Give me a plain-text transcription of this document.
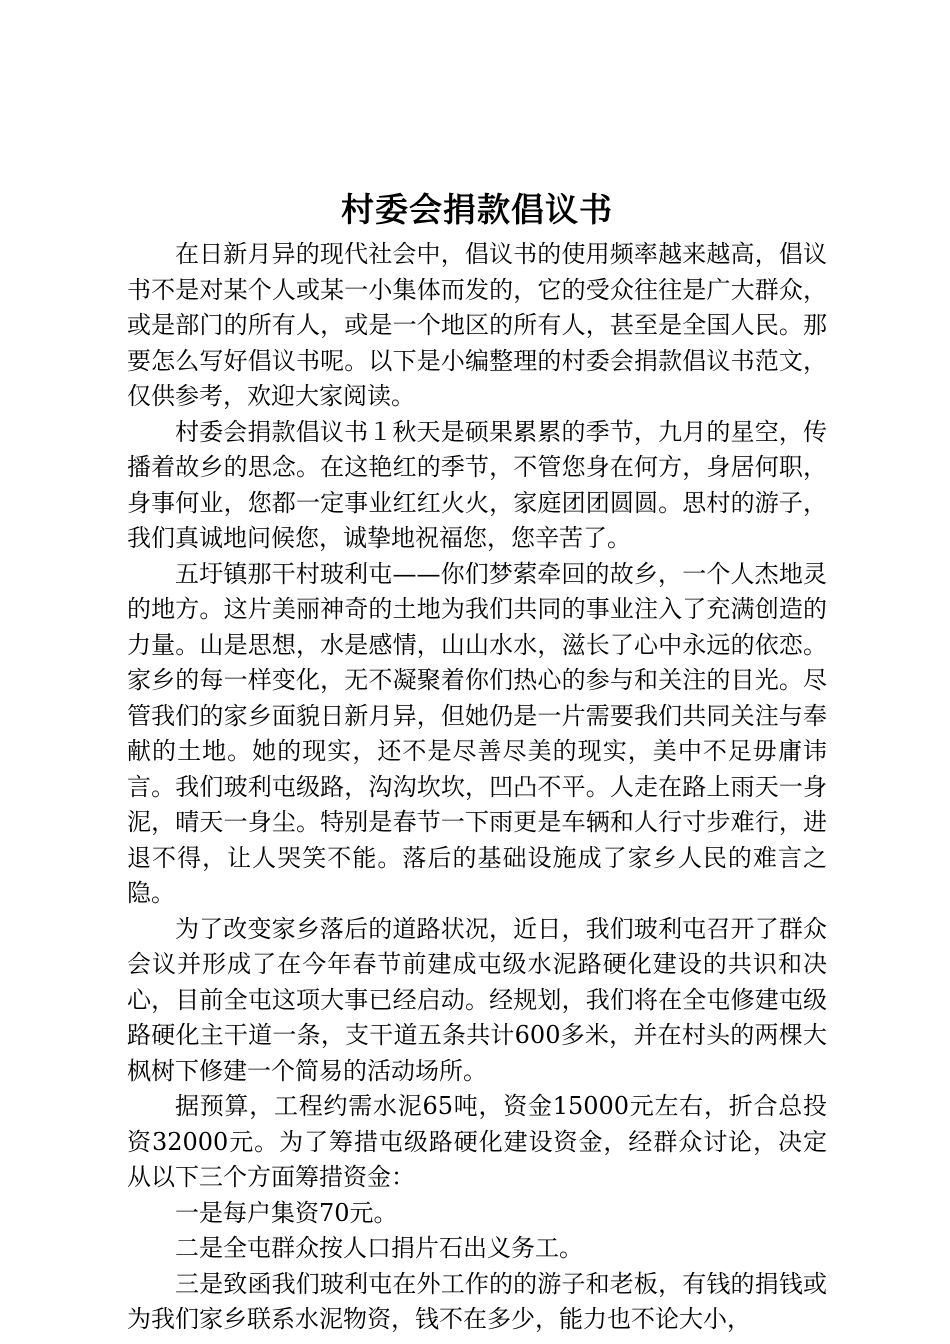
村委会捐款倡议书

在日新月异的现代社会中，倡议书的使用频率越来越高，倡议书不是对某个人或某一小集体而发的，它的受众往往是广大群众，或是部门的所有人，或是一个地区的所有人，甚至是全国人民。那要怎么写好倡议书呢。以下是小编整理的村委会捐款倡议书范文，仅供参考，欢迎大家阅读。

村委会捐款倡议书１秋天是硕果累累的季节，九月的星空，传播着故乡的思念。在这艳红的季节，不管您身在何方，身居何职，身事何业，您都一定事业红红火火，家庭团团圆圆。思村的游子，我们真诚地问候您，诚挚地祝福您，您辛苦了。

五圩镇那干村玻利屯——你们梦萦牵回的故乡，一个人杰地灵的地方。这片美丽神奇的土地为我们共同的事业注入了充满创造的力量。山是思想，水是感情，山山水水，滋长了心中永远的依恋。家乡的每一样变化，无不凝聚着你们热心的参与和关注的目光。尽管我们的家乡面貌日新月异，但她仍是一片需要我们共同关注与奉献的土地。她的现实，还不是尽善尽美的现实，美中不足毋庸讳言。我们玻利屯级路，沟沟坎坎，凹凸不平。人走在路上雨天一身泥，晴天一身尘。特别是春节一下雨更是车辆和人行寸步难行，进退不得，让人哭笑不能。落后的基础设施成了家乡人民的难言之隐。

为了改变家乡落后的道路状况，近日，我们玻利屯召开了群众会议并形成了在今年春节前建成屯级水泥路硬化建设的共识和决心，目前全屯这项大事已经启动。经规划，我们将在全屯修建屯级路硬化主干道一条，支干道五条共计600多米，并在村头的两棵大枫树下修建一个简易的活动场所。

据预算，工程约需水泥65吨，资金15000元左右，折合总投资32000元。为了筹措屯级路硬化建设资金，经群众讨论，决定从以下三个方面筹措资金：

一是每户集资70元。

二是全屯群众按人口捐片石出义务工。

三是致函我们玻利屯在外工作的的游子和老板，有钱的捐钱或为我们家乡联系水泥物资，钱不在多少，能力也不论大小，
